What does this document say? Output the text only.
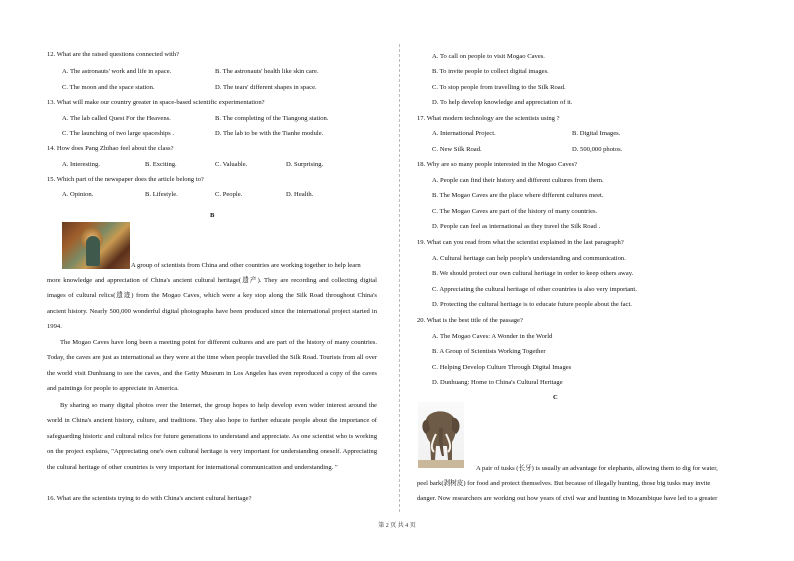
12. What are the raised questions connected with?
A. The astronauts' work and life in space.	B. The astronauts' health like skin care.
C. The moon and the space station.	D. The tears' different shapes in space.
13. What will make our country greater in space-based scientific experimentation?
A. The lab called Quest For the Heavens.	B. The completing of the Tiangong station.
C. The launching of two large spaceships .	D. The lab to be with the Tianhe module.
14. How does Pang Zhihao feel about the class?
A. Interesting.	B. Exciting.	C. Valuable.	D. Surprising.
15. Which part of the newspaper does the article belong to?
A. Opinion.	B. Lifestyle.	C. People.	D. Health.
B
A group of scientists from China and other countries are working together to help learn
more knowledge and appreciation of China's ancient cultural heritage(遗产). They are recording and collecting digital images of cultural relics(遗迹) from the Mogao Caves, which were a key stop along the Silk Road throughout China's ancient history. Nearly 500,000 wonderful digital photographs have been produced since the international project started in 1994.
The Mogao Caves have long been a meeting point for different cultures and are part of the history of many countries. Today, the caves are just as international as they were at the time when people travelled the Silk Road. Tourists from all over the world visit Dunhuang to see the caves, and the Getty Museum in Los Angeles has even reproduced a copy of the caves and paintings for people to appreciate in America.
By sharing so many digital photos over the Internet, the group hopes to help develop even wider interest around the world in China's ancient history, culture, and traditions. They also hope to further educate people about the importance of safeguarding historic and cultural relics for future generations to understand and appreciate. As one scientist who is working on the project explains, "Appreciating one's own cultural heritage is very important for understanding oneself. Appreciating the cultural heritage of other countries is very important for international communication and understanding. "
16. What are the scientists trying to do with China's ancient cultural heritage?
A. To call on people to visit Mogao Caves.
B. To invite people to collect digital images.
C. To stop people from travelling to the Silk Road.
D. To help develop knowledge and appreciation of it.
17. What modern technology are the scientists using ?
A. International Project.	B. Digital Images.
C. New Silk Road.	D. 500,000 photos.
18. Why are so many people interested in the Mogao Caves?
A. People can find their history and different cultures from them.
B. The Mogao Caves are the place where different cultures meet.
C. The Mogao Caves are part of the history of many countries.
D. People can feel as international as they travel the Silk Road .
19. What can you read from what the scientist explained in the last paragraph?
A. Cultural heritage can help people's understanding and communication.
B. We should protect our own cultural heritage in order to keep others away.
C. Appreciating the cultural heritage of other countries is also very important.
D. Protecting the cultural heritage is to educate future people about the fact.
20. What is the best title of the passage?
A. The Mogao Caves: A Wonder in the World
B. A Group of Scientists Working Together
C. Helping Develop Culture Through Digital Images
D. Dunhuang: Home to China's Cultural Heritage
C
A pair of tusks (长牙) is usually an advantage for elephants, allowing them to dig for water,
peel bark(剥树皮) for food and protect themselves. But because of illegally hunting, those big tusks may invite
danger. Now researchers are working out how years of civil war and hunting in Mozambique have led to a greater
第 2 页 共 4 页
